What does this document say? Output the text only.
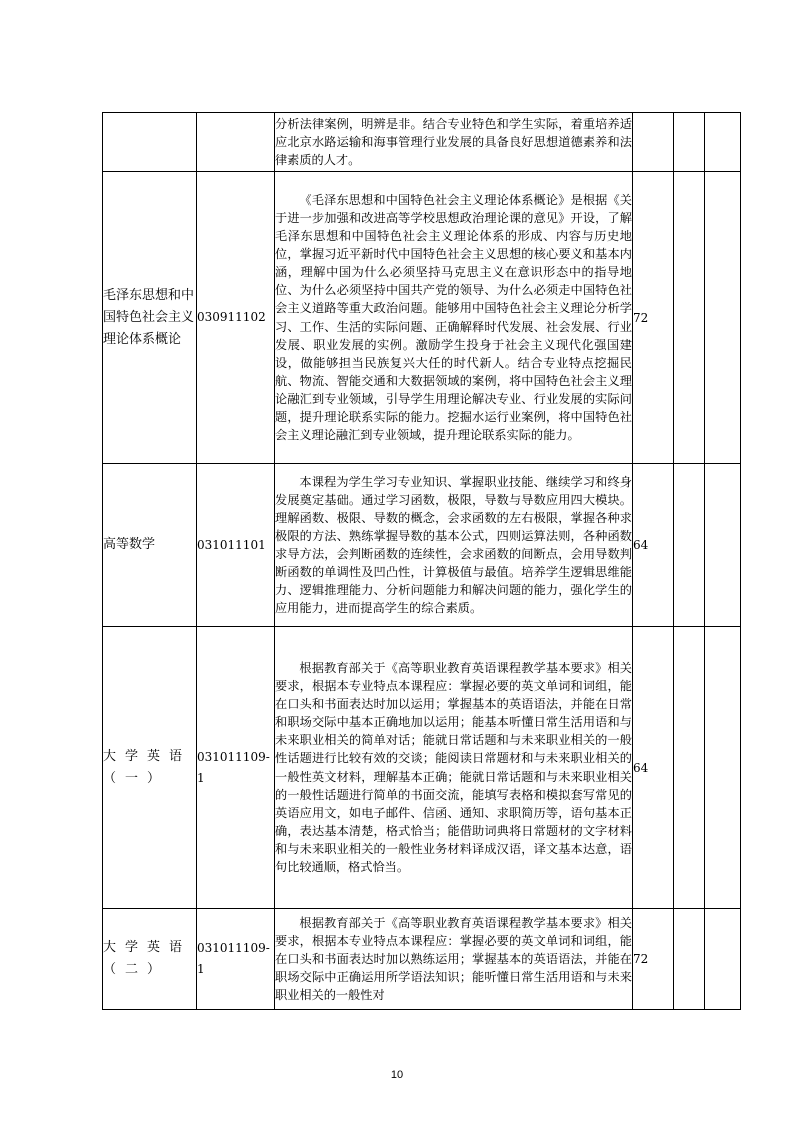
		分析法律案例，明辨是非。结合专业特色和学生实际，着重培养适应北京水路运输和海事管理行业发展的具备良好思想道德素养和法律素质的人才。			
毛泽东思想和中国特色社会主义理论体系概论	030911102	《毛泽东思想和中国特色社会主义理论体系概论》是根据《关于进一步加强和改进高等学校思想政治理论课的意见》开设，了解毛泽东思想和中国特色社会主义理论体系的形成、内容与历史地位，掌握习近平新时代中国特色社会主义思想的核心要义和基本内涵，理解中国为什么必须坚持马克思主义在意识形态中的指导地位、为什么必须坚持中国共产党的领导、为什么必须走中国特色社会主义道路等重大政治问题。能够用中国特色社会主义理论分析学习、工作、生活的实际问题、正确解释时代发展、社会发展、行业发展、职业发展的实例。激励学生投身于社会主义现代化强国建设，做能够担当民族复兴大任的时代新人。结合专业特点挖掘民航、物流、智能交通和大数据领域的案例，将中国特色社会主义理论融汇到专业领域，引导学生用理论解决专业、行业发展的实际问题，提升理论联系实际的能力。挖掘水运行业案例，将中国特色社会主义理论融汇到专业领域，提升理论联系实际的能力。	72		
高等数学	031011101	本课程为学生学习专业知识、掌握职业技能、继续学习和终身发展奠定基础。通过学习函数，极限，导数与导数应用四大模块。理解函数、极限、导数的概念，会求函数的左右极限，掌握各种求极限的方法、熟练掌握导数的基本公式，四则运算法则，各种函数求导方法，会判断函数的连续性，会求函数的间断点，会用导数判断函数的单调性及凹凸性，计算极值与最值。培养学生逻辑思维能力、逻辑推理能力、分析问题能力和解决问题的能力，强化学生的应用能力，进而提高学生的综合素质。	64		
大学英语（一）	031011109-1	根据教育部关于《高等职业教育英语课程教学基本要求》相关要求，根据本专业特点本课程应：掌握必要的英文单词和词组，能在口头和书面表达时加以运用；掌握基本的英语语法，并能在日常和职场交际中基本正确地加以运用；能基本听懂日常生活用语和与未来职业相关的简单对话；能就日常话题和与未来职业相关的一般性话题进行比较有效的交谈；能阅读日常题材和与未来职业相关的一般性英文材料，理解基本正确；能就日常话题和与未来职业相关的一般性话题进行简单的书面交流，能填写表格和模拟套写常见的英语应用文，如电子邮件、信函、通知、求职简历等，语句基本正确，表达基本清楚，格式恰当；能借助词典将日常题材的文字材料和与未来职业相关的一般性业务材料译成汉语，译文基本达意，语句比较通顺，格式恰当。	64		
大学英语（二）	031011109-1	根据教育部关于《高等职业教育英语课程教学基本要求》相关要求，根据本专业特点本课程应：掌握必要的英文单词和词组，能在口头和书面表达时加以熟练运用；掌握基本的英语语法，并能在职场交际中正确运用所学语法知识；能听懂日常生活用语和与未来职业相关的一般性对	72		
10
